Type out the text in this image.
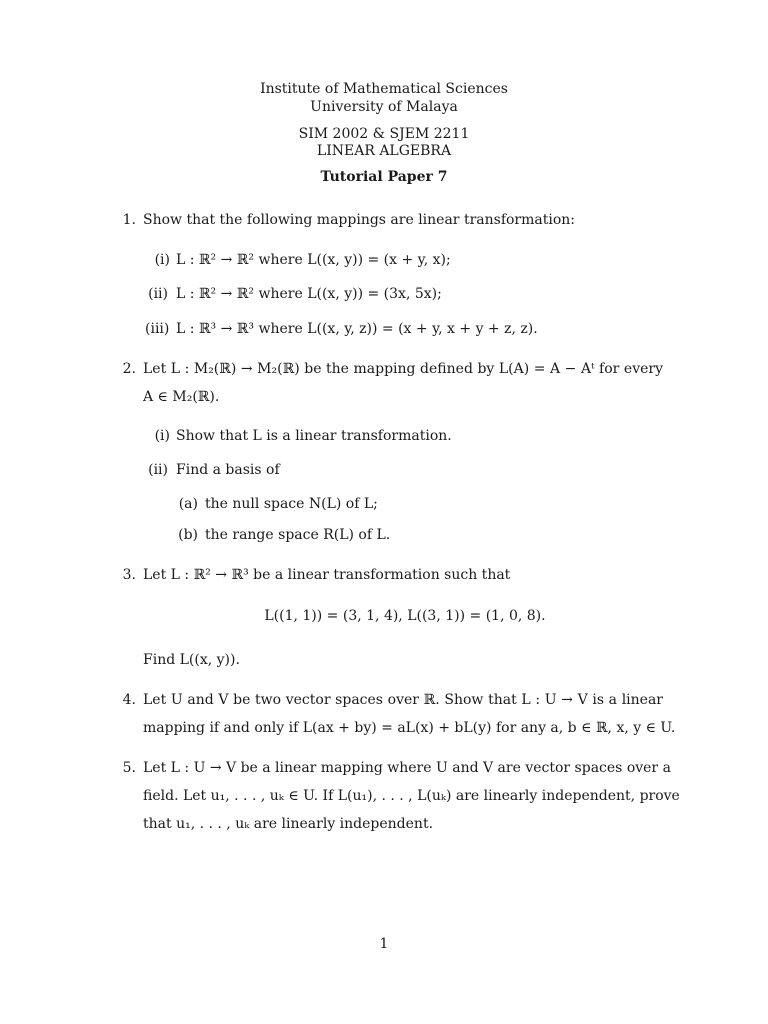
Institute of Mathematical Sciences
University of Malaya
SIM 2002 & SJEM 2211
LINEAR ALGEBRA
Tutorial Paper 7
1. Show that the following mappings are linear transformation:
(i) L : ℝ² → ℝ² where L((x, y)) = (x + y, x);
(ii) L : ℝ² → ℝ² where L((x, y)) = (3x, 5x);
(iii) L : ℝ³ → ℝ³ where L((x, y, z)) = (x + y, x + y + z, z).
2. Let L : M₂(ℝ) → M₂(ℝ) be the mapping defined by L(A) = A − Aᵗ for every
A ∈ M₂(ℝ).
(i) Show that L is a linear transformation.
(ii) Find a basis of
(a) the null space N(L) of L;
(b) the range space R(L) of L.
3. Let L : ℝ² → ℝ³ be a linear transformation such that
L((1, 1)) = (3, 1, 4), L((3, 1)) = (1, 0, 8).
Find L((x, y)).
4. Let U and V be two vector spaces over ℝ. Show that L : U → V is a linear
mapping if and only if L(ax + by) = aL(x) + bL(y) for any a, b ∈ ℝ, x, y ∈ U.
5. Let L : U → V be a linear mapping where U and V are vector spaces over a
field. Let u₁, . . . , uₖ ∈ U. If L(u₁), . . . , L(uₖ) are linearly independent, prove
that u₁, . . . , uₖ are linearly independent.
1
